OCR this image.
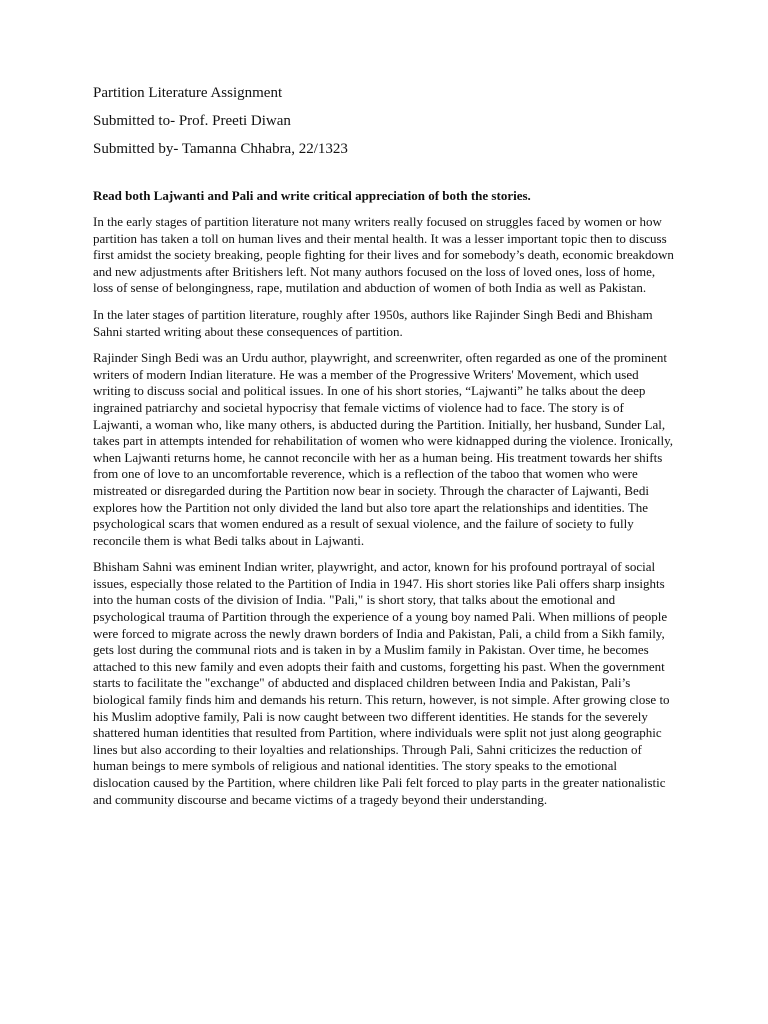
Partition Literature Assignment

Submitted to- Prof. Preeti Diwan

Submitted by- Tamanna Chhabra, 22/1323

Read both Lajwanti and Pali and write critical appreciation of both the stories.

In the early stages of partition literature not many writers really focused on struggles faced by women or how partition has taken a toll on human lives and their mental health. It was a lesser important topic then to discuss first amidst the society breaking, people fighting for their lives and for somebody’s death, economic breakdown and new adjustments after Britishers left. Not many authors focused on the loss of loved ones, loss of home, loss of sense of belongingness, rape, mutilation and abduction of women of both India as well as Pakistan.

In the later stages of partition literature, roughly after 1950s, authors like Rajinder Singh Bedi and Bhisham Sahni started writing about these consequences of partition.

Rajinder Singh Bedi was an Urdu author, playwright, and screenwriter, often regarded as one of the prominent writers of modern Indian literature. He was a member of the Progressive Writers' Movement, which used writing to discuss social and political issues. In one of his short stories, “Lajwanti” he talks about the deep ingrained patriarchy and societal hypocrisy that female victims of violence had to face. The story is of Lajwanti, a woman who, like many others, is abducted during the Partition. Initially, her husband, Sunder Lal, takes part in attempts intended for rehabilitation of women who were kidnapped during the violence. Ironically, when Lajwanti returns home, he cannot reconcile with her as a human being. His treatment towards her shifts from one of love to an uncomfortable reverence, which is a reflection of the taboo that women who were mistreated or disregarded during the Partition now bear in society. Through the character of Lajwanti, Bedi explores how the Partition not only divided the land but also tore apart the relationships and identities. The psychological scars that women endured as a result of sexual violence, and the failure of society to fully reconcile them is what Bedi talks about in Lajwanti.

Bhisham Sahni was eminent Indian writer, playwright, and actor, known for his profound portrayal of social issues, especially those related to the Partition of India in 1947. His short stories like Pali offers sharp insights into the human costs of the division of India. "Pali," is short story, that talks about the emotional and psychological trauma of Partition through the experience of a young boy named Pali. When millions of people were forced to migrate across the newly drawn borders of India and Pakistan, Pali, a child from a Sikh family, gets lost during the communal riots and is taken in by a Muslim family in Pakistan. Over time, he becomes attached to this new family and even adopts their faith and customs, forgetting his past. When the government starts to facilitate the "exchange" of abducted and displaced children between India and Pakistan, Pali’s biological family finds him and demands his return. This return, however, is not simple. After growing close to his Muslim adoptive family, Pali is now caught between two different identities. He stands for the severely shattered human identities that resulted from Partition, where individuals were split not just along geographic lines but also according to their loyalties and relationships. Through Pali, Sahni criticizes the reduction of human beings to mere symbols of religious and national identities. The story speaks to the emotional dislocation caused by the Partition, where children like Pali felt forced to play parts in the greater nationalistic and community discourse and became victims of a tragedy beyond their understanding.
